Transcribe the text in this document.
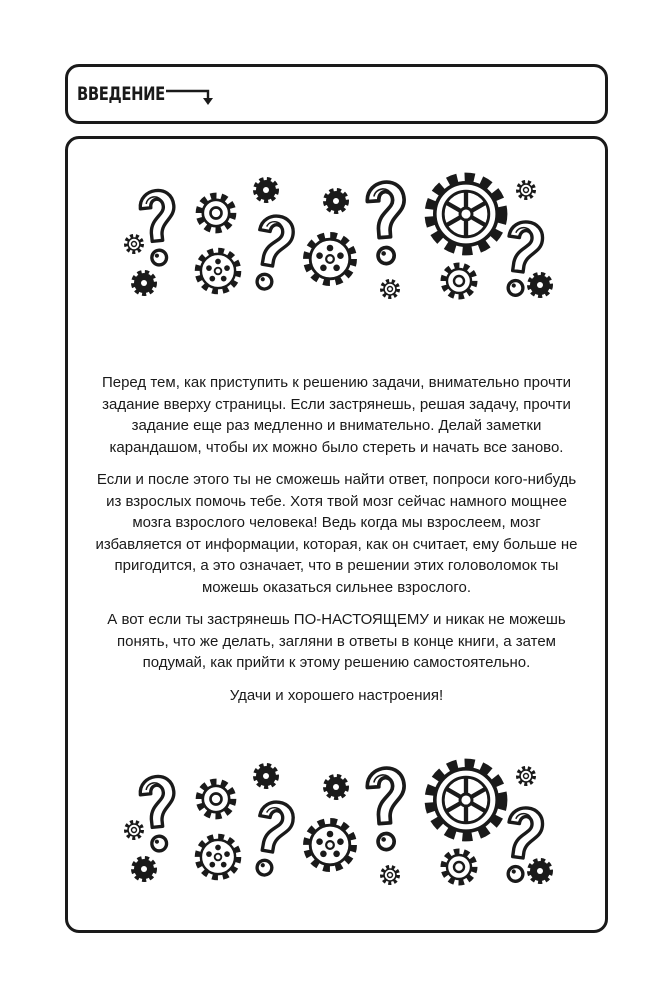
ВВЕДЕНИЕ

Перед тем, как приступить к решению задачи, внимательно прочти задание вверху страницы. Если застрянешь, решая задачу, прочти задание еще раз медленно и внимательно. Делай заметки карандашом, чтобы их можно было стереть и начать все заново.

Если и после этого ты не сможешь найти ответ, попроси кого-нибудь из взрослых помочь тебе. Хотя твой мозг сейчас намного мощнее мозга взрослого человека! Ведь когда мы взрослеем, мозг избавляется от информации, которая, как он считает, ему больше не пригодится, а это означает, что в решении этих головоломок ты можешь оказаться сильнее взрослого.

А вот если ты застрянешь ПО-НАСТОЯЩЕМУ и никак не можешь понять, что же делать, загляни в ответы в конце книги, а затем подумай, как прийти к этому решению самостоятельно.

Удачи и хорошего настроения!
